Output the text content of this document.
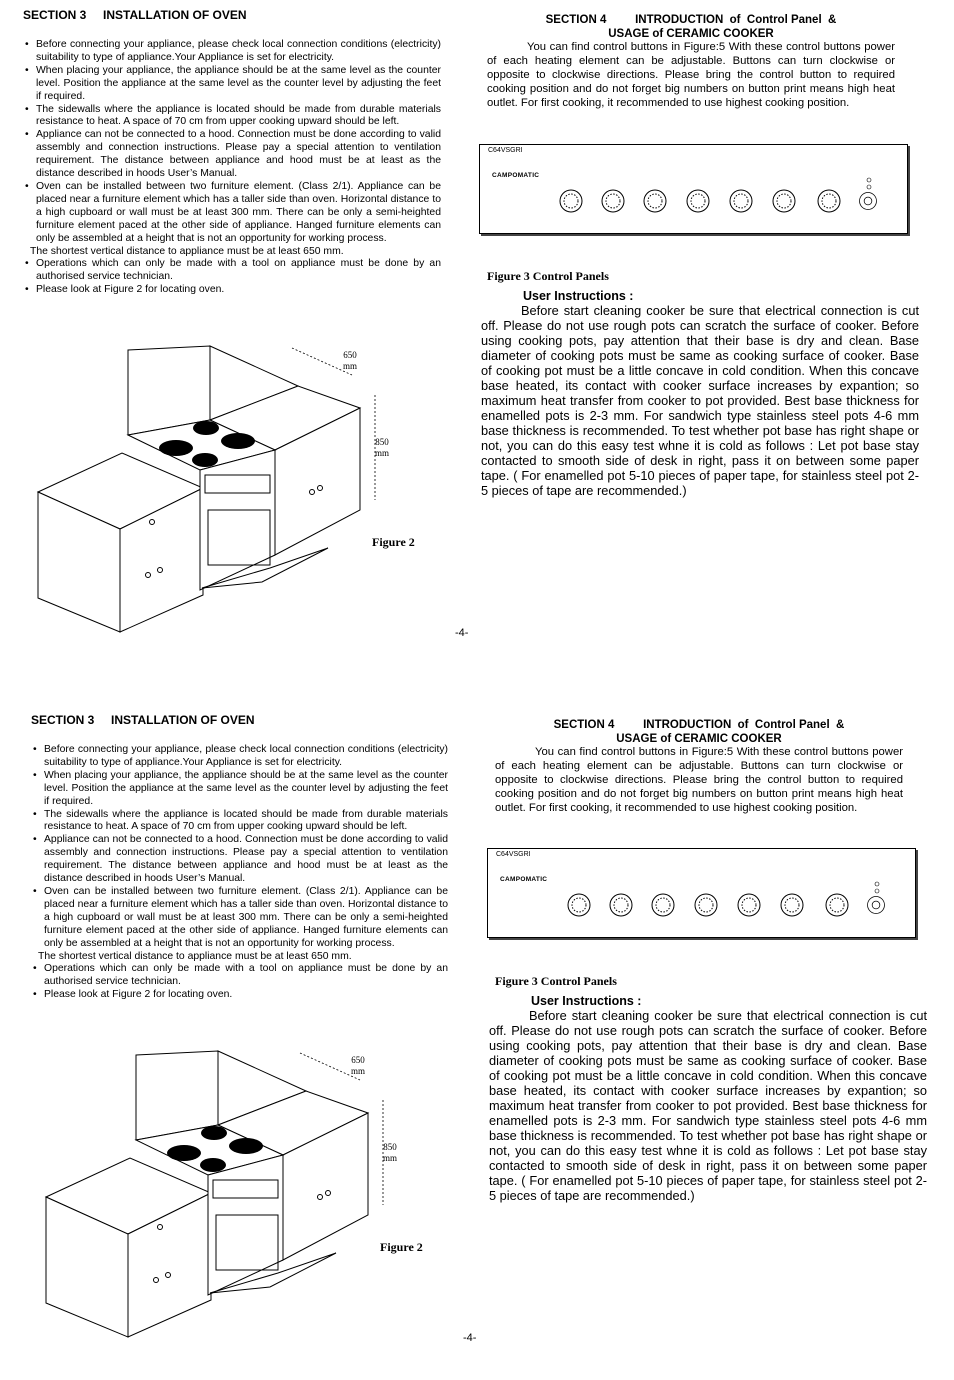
SECTION 3     INSTALLATION OF OVEN

• Before connecting your appliance, please check local connection conditions (electricity) suitability to type of appliance.Your Appliance is set for electricity.

• When placing your appliance, the appliance should be at the same level as the counter level. Position the appliance at the same level as the counter level by adjusting the feet if required.

• The sidewalls where the appliance is located should be made from durable materials resistance to heat. A space of 70 cm from upper cooking upward should be left.

• Appliance can not be connected to a hood. Connection must be done according to valid assembly and connection instructions. Please pay a special attention to ventilation requirement. The distance between appliance and hood must be at least as the distance described in hoods User’s Manual.

• Oven can be installed between two furniture element. (Class 2/1). Appliance can be placed near a furniture element which has a taller side than oven. Horizontal distance to a high cupboard or wall must be at least 300 mm. There can be only a semi-heighted furniture element paced at the other side of appliance. Hanged furniture elements can only be assembled at a height that is not an opportunity for working process.

The shortest vertical distance to appliance must be at least 650 mm.

• Operations which can only be made with a tool on appliance must be done by an authorised service technician.

• Please look at Figure 2 for locating oven.

650
mm
850
mm
Figure 2
SECTION 4         INTRODUCTION  of  Control Panel  &
USAGE of CERAMIC COOKER

You can find control buttons in Figure:5 With these control buttons power of each heating element can be adjustable. Buttons can turn clockwise or opposite to clockwise directions. Please bring the control button to required cooking position and do not forget big numbers on button print means high heat outlet. For first cooking, it recommended to use highest cooking position.

C64VSGRI
CAMPOMATIC
Figure 3 Control Panels

User Instructions :

Before start cleaning cooker be sure that electrical connection is cut off. Please do not use rough pots can scratch the surface of cooker. Before using cooking pots, pay attention that their base is dry and clean. Base diameter of cooking pots must be same as cooking surface of cooker. Base of cooking pot must be a little concave in cold condition. When this concave base heated, its contact with cooker surface increases by expantion; so maximum heat transfer from cooker to pot provided. Best base thickness for enamelled pots is 2-3 mm. For sandwich type stainless steel pots 4-6 mm base thickness is recommended. To test whether pot base has right shape or not, you can do this easy test whne it is cold as follows : Let pot base stay contacted to smooth side of desk in right, pass it on between some paper tape. ( For enamelled pot 5-10 pieces of paper tape, for stainless steel pot 2-5 pieces of tape are recommended.)

-4-
SECTION 3     INSTALLATION OF OVEN

• Before connecting your appliance, please check local connection conditions (electricity) suitability to type of appliance.Your Appliance is set for electricity.

• When placing your appliance, the appliance should be at the same level as the counter level. Position the appliance at the same level as the counter level by adjusting the feet if required.

• The sidewalls where the appliance is located should be made from durable materials resistance to heat. A space of 70 cm from upper cooking upward should be left.

• Appliance can not be connected to a hood. Connection must be done according to valid assembly and connection instructions. Please pay a special attention to ventilation requirement. The distance between appliance and hood must be at least as the distance described in hoods User’s Manual.

• Oven can be installed between two furniture element. (Class 2/1). Appliance can be placed near a furniture element which has a taller side than oven. Horizontal distance to a high cupboard or wall must be at least 300 mm. There can be only a semi-heighted furniture element paced at the other side of appliance. Hanged furniture elements can only be assembled at a height that is not an opportunity for working process.

The shortest vertical distance to appliance must be at least 650 mm.

• Operations which can only be made with a tool on appliance must be done by an authorised service technician.

• Please look at Figure 2 for locating oven.

650
mm
850
mm
Figure 2
SECTION 4         INTRODUCTION  of  Control Panel  &
USAGE of CERAMIC COOKER

You can find control buttons in Figure:5 With these control buttons power of each heating element can be adjustable. Buttons can turn clockwise or opposite to clockwise directions. Please bring the control button to required cooking position and do not forget big numbers on button print means high heat outlet. For first cooking, it recommended to use highest cooking position.

C64VSGRI
CAMPOMATIC
Figure 3 Control Panels

User Instructions :

Before start cleaning cooker be sure that electrical connection is cut off. Please do not use rough pots can scratch the surface of cooker. Before using cooking pots, pay attention that their base is dry and clean. Base diameter of cooking pots must be same as cooking surface of cooker. Base of cooking pot must be a little concave in cold condition. When this concave base heated, its contact with cooker surface increases by expantion; so maximum heat transfer from cooker to pot provided. Best base thickness for enamelled pots is 2-3 mm. For sandwich type stainless steel pots 4-6 mm base thickness is recommended. To test whether pot base has right shape or not, you can do this easy test whne it is cold as follows : Let pot base stay contacted to smooth side of desk in right, pass it on between some paper tape. ( For enamelled pot 5-10 pieces of paper tape, for stainless steel pot 2-5 pieces of tape are recommended.)

-4-
